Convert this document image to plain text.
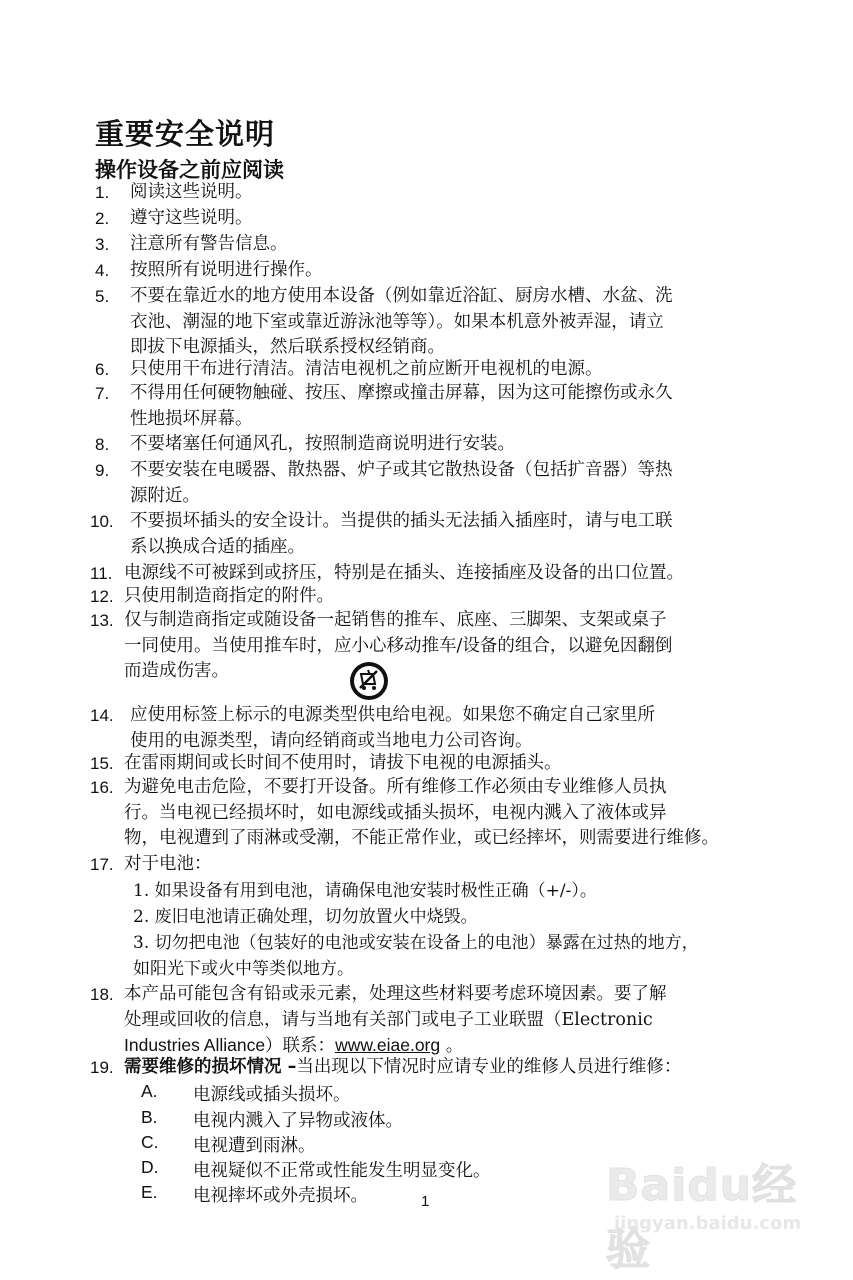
重要安全说明
操作设备之前应阅读
1. 阅读这些说明。
2. 遵守这些说明。
3. 注意所有警告信息。
4. 按照所有说明进行操作。
5. 不要在靠近水的地方使用本设备（例如靠近浴缸、厨房水槽、水盆、洗
衣池、潮湿的地下室或靠近游泳池等等）。如果本机意外被弄湿，请立
即拔下电源插头，然后联系授权经销商。
6. 只使用干布进行清洁。清洁电视机之前应断开电视机的电源。
7. 不得用任何硬物触碰、按压、摩擦或撞击屏幕，因为这可能擦伤或永久
性地损坏屏幕。
8. 不要堵塞任何通风孔，按照制造商说明进行安装。
9. 不要安装在电暖器、散热器、炉子或其它散热设备（包括扩音器）等热
源附近。
10. 不要损坏插头的安全设计。当提供的插头无法插入插座时，请与电工联
系以换成合适的插座。
11. 电源线不可被踩到或挤压，特别是在插头、连接插座及设备的出口位置。
12. 只使用制造商指定的附件。
13. 仅与制造商指定或随设备一起销售的推车、底座、三脚架、支架或桌子
一同使用。当使用推车时，应小心移动推车/设备的组合，以避免因翻倒
而造成伤害。
14. 应使用标签上标示的电源类型供电给电视。如果您不确定自己家里所
使用的电源类型，请向经销商或当地电力公司咨询。
15. 在雷雨期间或长时间不使用时，请拔下电视的电源插头。
16. 为避免电击危险，不要打开设备。所有维修工作必须由专业维修人员执
行。当电视已经损坏时，如电源线或插头损坏，电视内溅入了液体或异
物，电视遭到了雨淋或受潮，不能正常作业，或已经摔坏，则需要进行维修。
17. 对于电池：
1. 如果设备有用到电池，请确保电池安装时极性正确（+/-）。
2. 废旧电池请正确处理，切勿放置火中烧毁。
3. 切勿把电池（包装好的电池或安装在设备上的电池）暴露在过热的地方，
如阳光下或火中等类似地方。
18. 本产品可能包含有铅或汞元素，处理这些材料要考虑环境因素。要了解
处理或回收的信息，请与当地有关部门或电子工业联盟（Electronic
Industries Alliance）联系：www.eiae.org 。
19. 需要维修的损坏情况 –当出现以下情况时应请专业的维修人员进行维修：
A. 电源线或插头损坏。
B. 电视内溅入了异物或液体。
C. 电视遭到雨淋。
D. 电视疑似不正常或性能发生明显变化。
E. 电视摔坏或外壳损坏。	1	Baidu经验
jingyan.baidu.com
